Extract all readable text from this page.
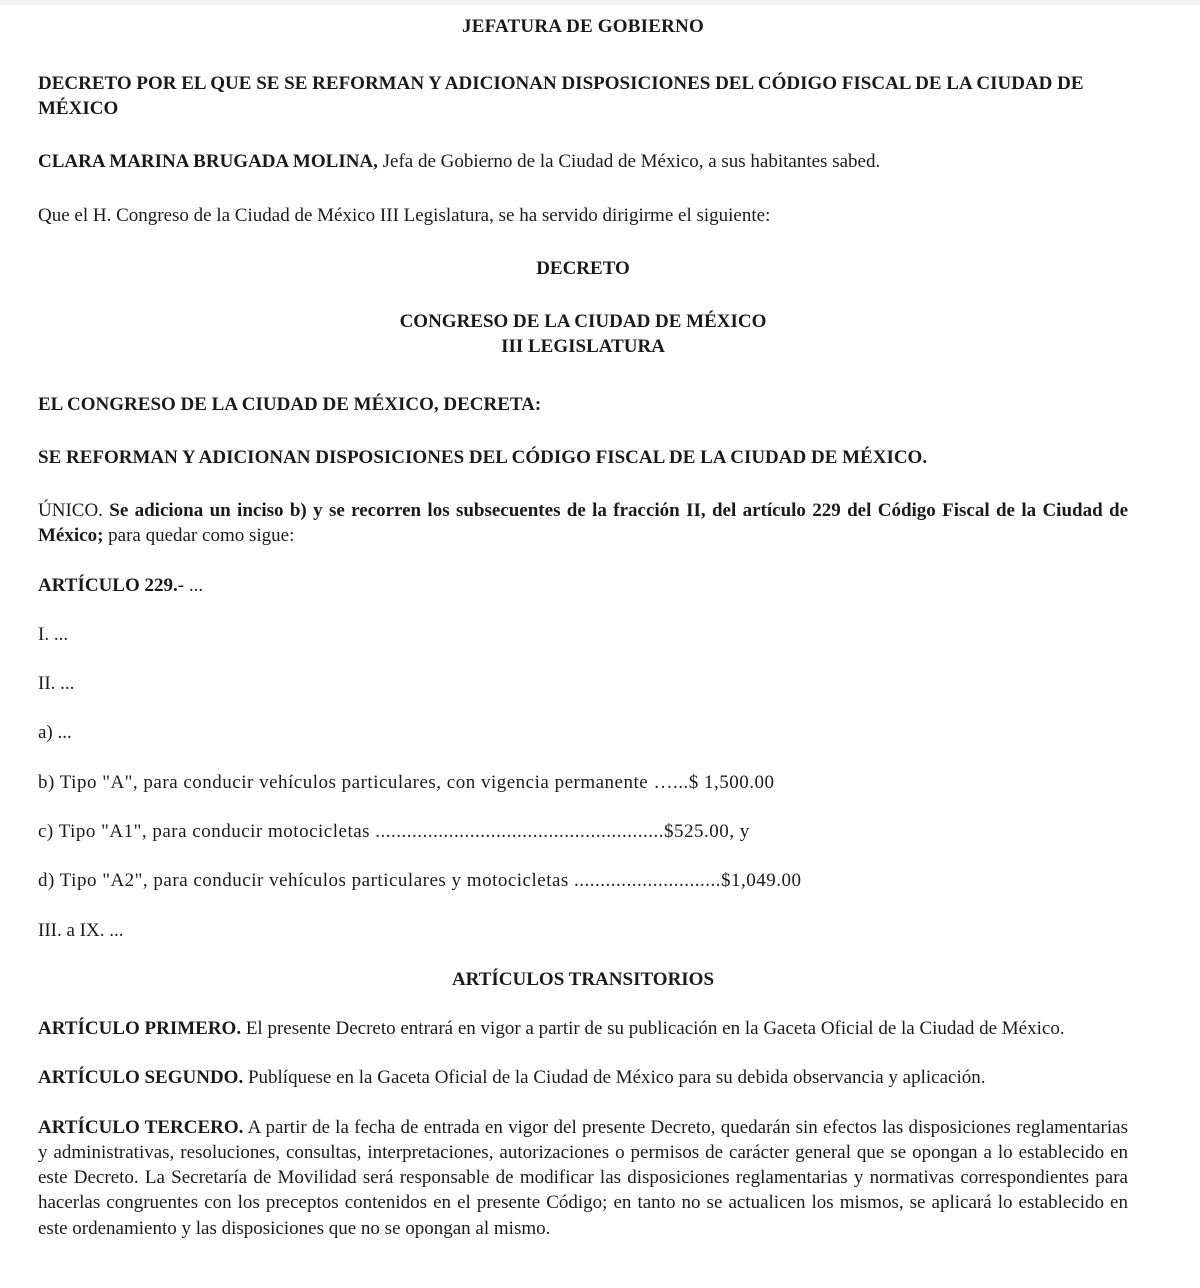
JEFATURA DE GOBIERNO

DECRETO POR EL QUE SE SE REFORMAN Y ADICIONAN DISPOSICIONES DEL CÓDIGO FISCAL DE LA CIUDAD DE MÉXICO

CLARA MARINA BRUGADA MOLINA, Jefa de Gobierno de la Ciudad de México, a sus habitantes sabed.

Que el H. Congreso de la Ciudad de México III Legislatura, se ha servido dirigirme el siguiente:

DECRETO

CONGRESO DE LA CIUDAD DE MÉXICO

III LEGISLATURA

EL CONGRESO DE LA CIUDAD DE MÉXICO, DECRETA:

SE REFORMAN Y ADICIONAN DISPOSICIONES DEL CÓDIGO FISCAL DE LA CIUDAD DE MÉXICO.

ÚNICO. Se adiciona un inciso b) y se recorren los subsecuentes de la fracción II, del artículo 229 del Código Fiscal de la Ciudad de México; para quedar como sigue:

ARTÍCULO 229.- ...

I. ...

II. ...

a) ...

b) Tipo "A", para conducir vehículos particulares, con vigencia permanente …...$ 1,500.00

c) Tipo "A1", para conducir motocicletas .......................................................$525.00, y

d) Tipo "A2", para conducir vehículos particulares y motocicletas ............................$1,049.00

III. a IX. ...

ARTÍCULOS TRANSITORIOS

ARTÍCULO PRIMERO. El presente Decreto entrará en vigor a partir de su publicación en la Gaceta Oficial de la Ciudad de México.

ARTÍCULO SEGUNDO. Publíquese en la Gaceta Oficial de la Ciudad de México para su debida observancia y aplicación.

ARTÍCULO TERCERO. A partir de la fecha de entrada en vigor del presente Decreto, quedarán sin efectos las disposiciones reglamentarias y administrativas, resoluciones, consultas, interpretaciones, autorizaciones o permisos de carácter general que se opongan a lo establecido en este Decreto. La Secretaría de Movilidad será responsable de modificar las disposiciones reglamentarias y normativas correspondientes para hacerlas congruentes con los preceptos contenidos en el presente Código; en tanto no se actualicen los mismos, se aplicará lo establecido en este ordenamiento y las disposiciones que no se opongan al mismo.
